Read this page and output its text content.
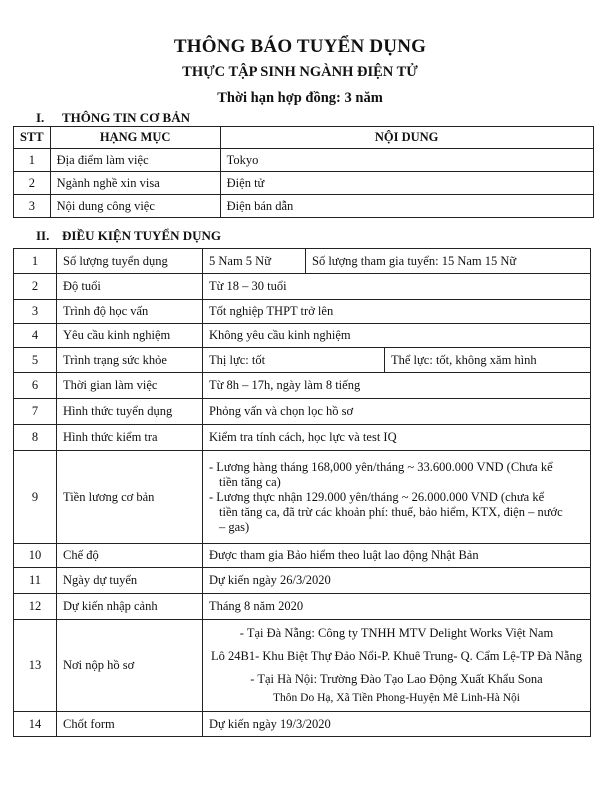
THÔNG BÁO TUYỂN DỤNG
THỰC TẬP SINH NGÀNH ĐIỆN TỬ
Thời hạn hợp đồng: 3 năm
I. THÔNG TIN CƠ BẢN
STT	HẠNG MỤC	NỘI DUNG
1	Địa điểm làm việc	Tokyo
2	Ngành nghề xin visa	Điện tử
3	Nội dung công việc	Điện bán dẫn
II. ĐIỀU KIỆN TUYỂN DỤNG
1	Số lượng tuyển dụng	5 Nam 5 Nữ	Số lượng tham gia tuyển: 15 Nam 15 Nữ	
2	Độ tuổi	Từ 18 – 30 tuổi		
3	Trình độ học vấn	Tốt nghiệp THPT trở lên		
4	Yêu cầu kinh nghiệm	Không yêu cầu kinh nghiệm		
5	Trình trạng sức khỏe	Thị lực: tốt		Thể lực: tốt, không xăm hình
6	Thời gian làm việc	Từ 8h – 17h, ngày làm 8 tiếng		
7	Hình thức tuyển dụng	Phỏng vấn và chọn lọc hồ sơ		
8	Hình thức kiểm tra	Kiểm tra tính cách, học lực và test IQ		
9	Tiền lương cơ bản	- Lương hàng tháng 168,000 yên/tháng ~ 33.600.000 VND (Chưa kể
tiền tăng ca)
- Lương thực nhận 129.000 yên/tháng ~ 26.000.000 VND (chưa kể
tiền tăng ca, đã trừ các khoản phí: thuế, bảo hiểm, KTX, điện – nước
– gas)		

10	Chế độ	Được tham gia Bảo hiểm theo luật lao động Nhật Bản		
11	Ngày dự tuyển	Dự kiến ngày 26/3/2020		
12	Dự kiến nhập cảnh	Tháng 8 năm 2020		
13	Nơi nộp hồ sơ	- Tại Đà Nẵng: Công ty TNHH MTV Delight Works Việt Nam
Lô 24B1- Khu Biệt Thự Đảo Nổi-P. Khuê Trung- Q. Cẩm Lệ-TP Đà Nẵng
- Tại Hà Nội: Trường Đào Tạo Lao Động Xuất Khẩu Sona
Thôn Do Hạ, Xã Tiền Phong-Huyện Mê Linh-Hà Nội		

14	Chốt form	Dự kiến ngày 19/3/2020		
